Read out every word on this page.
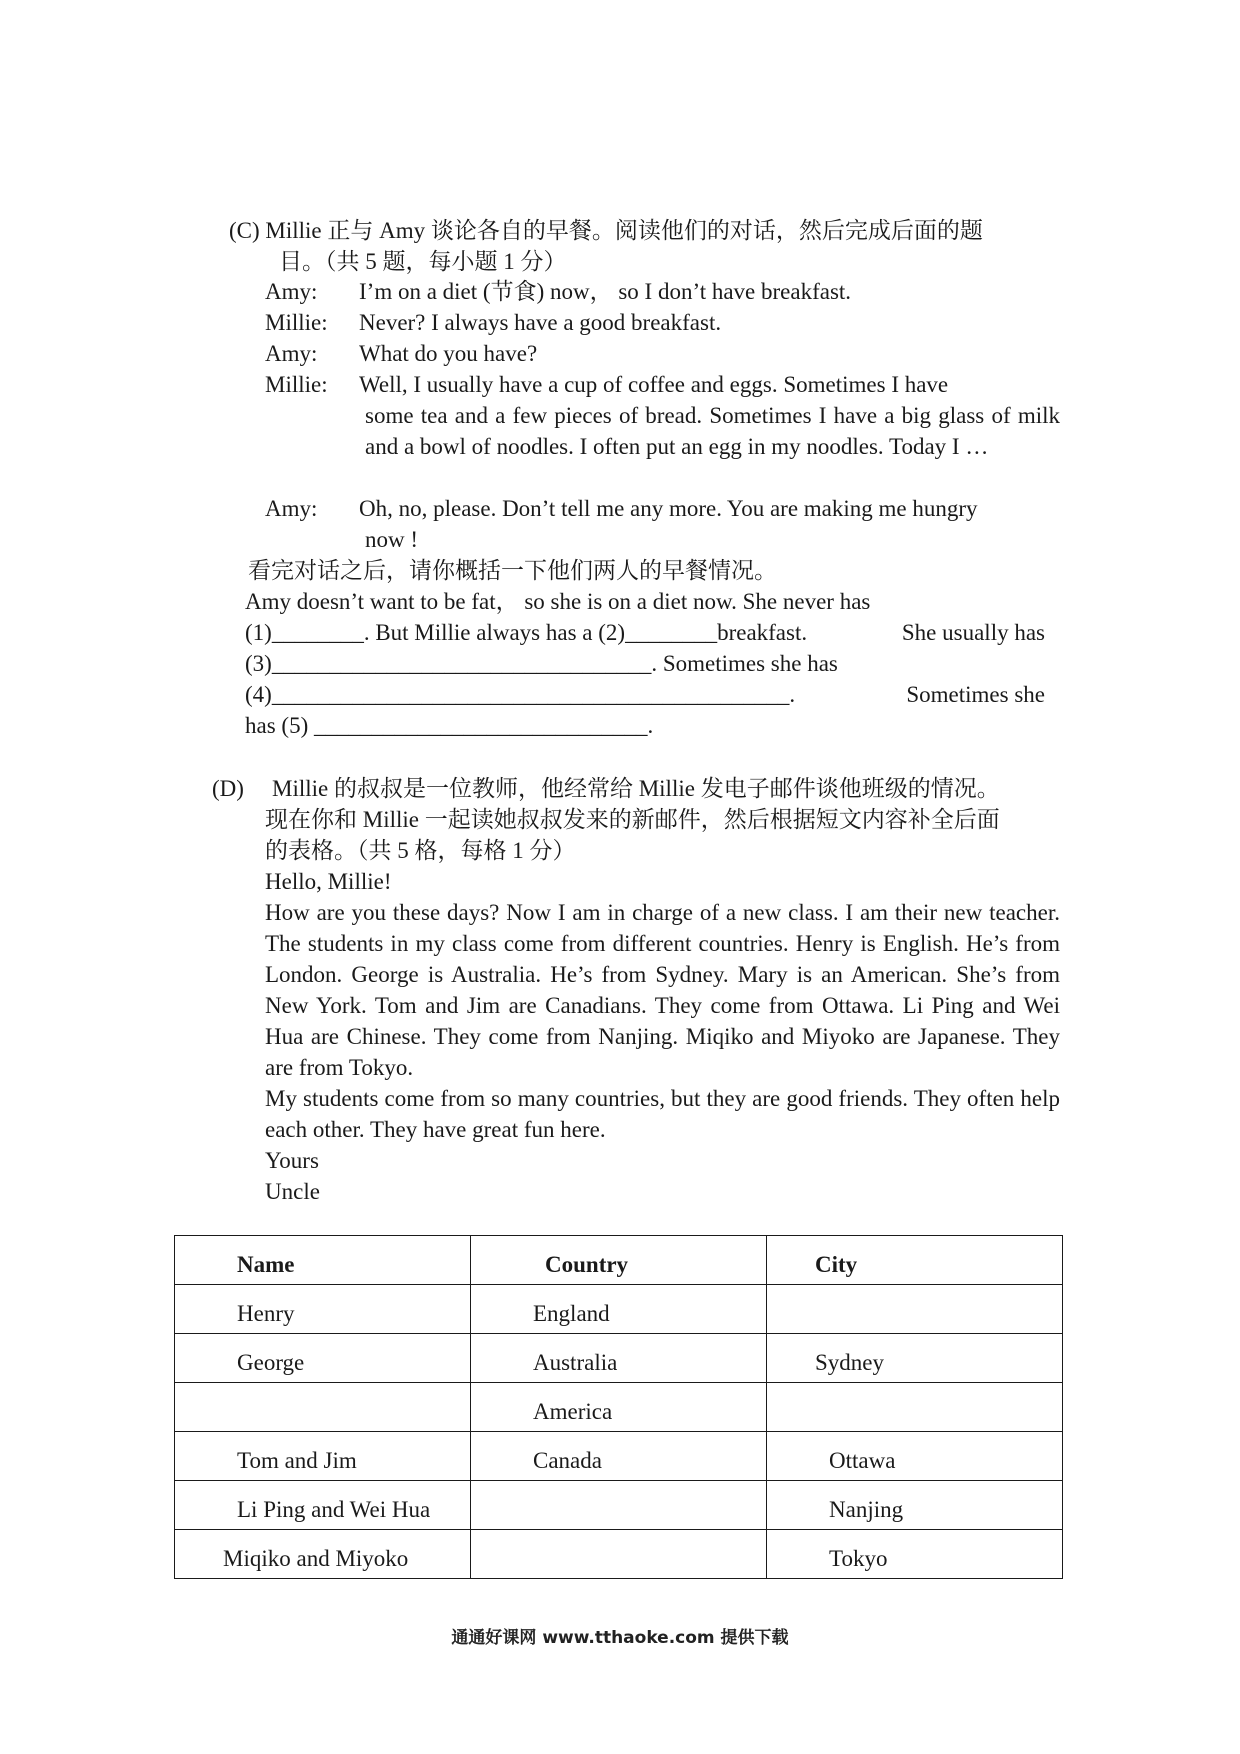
(C) Millie 正与 Amy 谈论各自的早餐。阅读他们的对话，然后完成后面的题
目。（共 5 题，每小题 1 分）
Amy: I’m on a diet (节食) now， so I don’t have breakfast.
Millie: Never? I always have a good breakfast.
Amy: What do you have?
Millie: Well, I usually have a cup of coffee and eggs. Sometimes I have
some tea and a few pieces of bread. Sometimes I have a big glass of milk and a bowl of noodles. I often put an egg in my noodles. Today I …
Amy: Oh, no, please. Don’t tell me any more. You are making me hungry
now !
看完对话之后，请你概括一下他们两人的早餐情况。
Amy doesn’t want to be fat， so she is on a diet now. She never has
(1)________. But Millie always has a (2)________breakfast.	She usually has
(3)_________________________________. Sometimes she has
(4)_____________________________________________.	Sometimes she
has (5) _____________________________.
(D) Millie 的叔叔是一位教师，他经常给 Millie 发电子邮件谈他班级的情况。
现在你和 Millie 一起读她叔叔发来的新邮件，然后根据短文内容补全后面
的表格。（共 5 格，每格 1 分）
Hello, Millie!
How are you these days? Now I am in charge of a new class. I am their new teacher. The students in my class come from different countries. Henry is English. He’s from London. George is Australia. He’s from Sydney. Mary is an American. She’s from New York. Tom and Jim are Canadians. They come from Ottawa. Li Ping and Wei Hua are Chinese. They come from Nanjing. Miqiko and Miyoko are Japanese. They are from Tokyo.
My students come from so many countries, but they are good friends. They often help each other. They have great fun here.
Yours
Uncle
Name	Country	City
Henry	England	
George	Australia	Sydney
	America	
Tom and Jim	Canada	Ottawa
Li Ping and Wei Hua		Nanjing
Miqiko and Miyoko		Tokyo
通通好课网 www.tthaoke.com 提供下载
